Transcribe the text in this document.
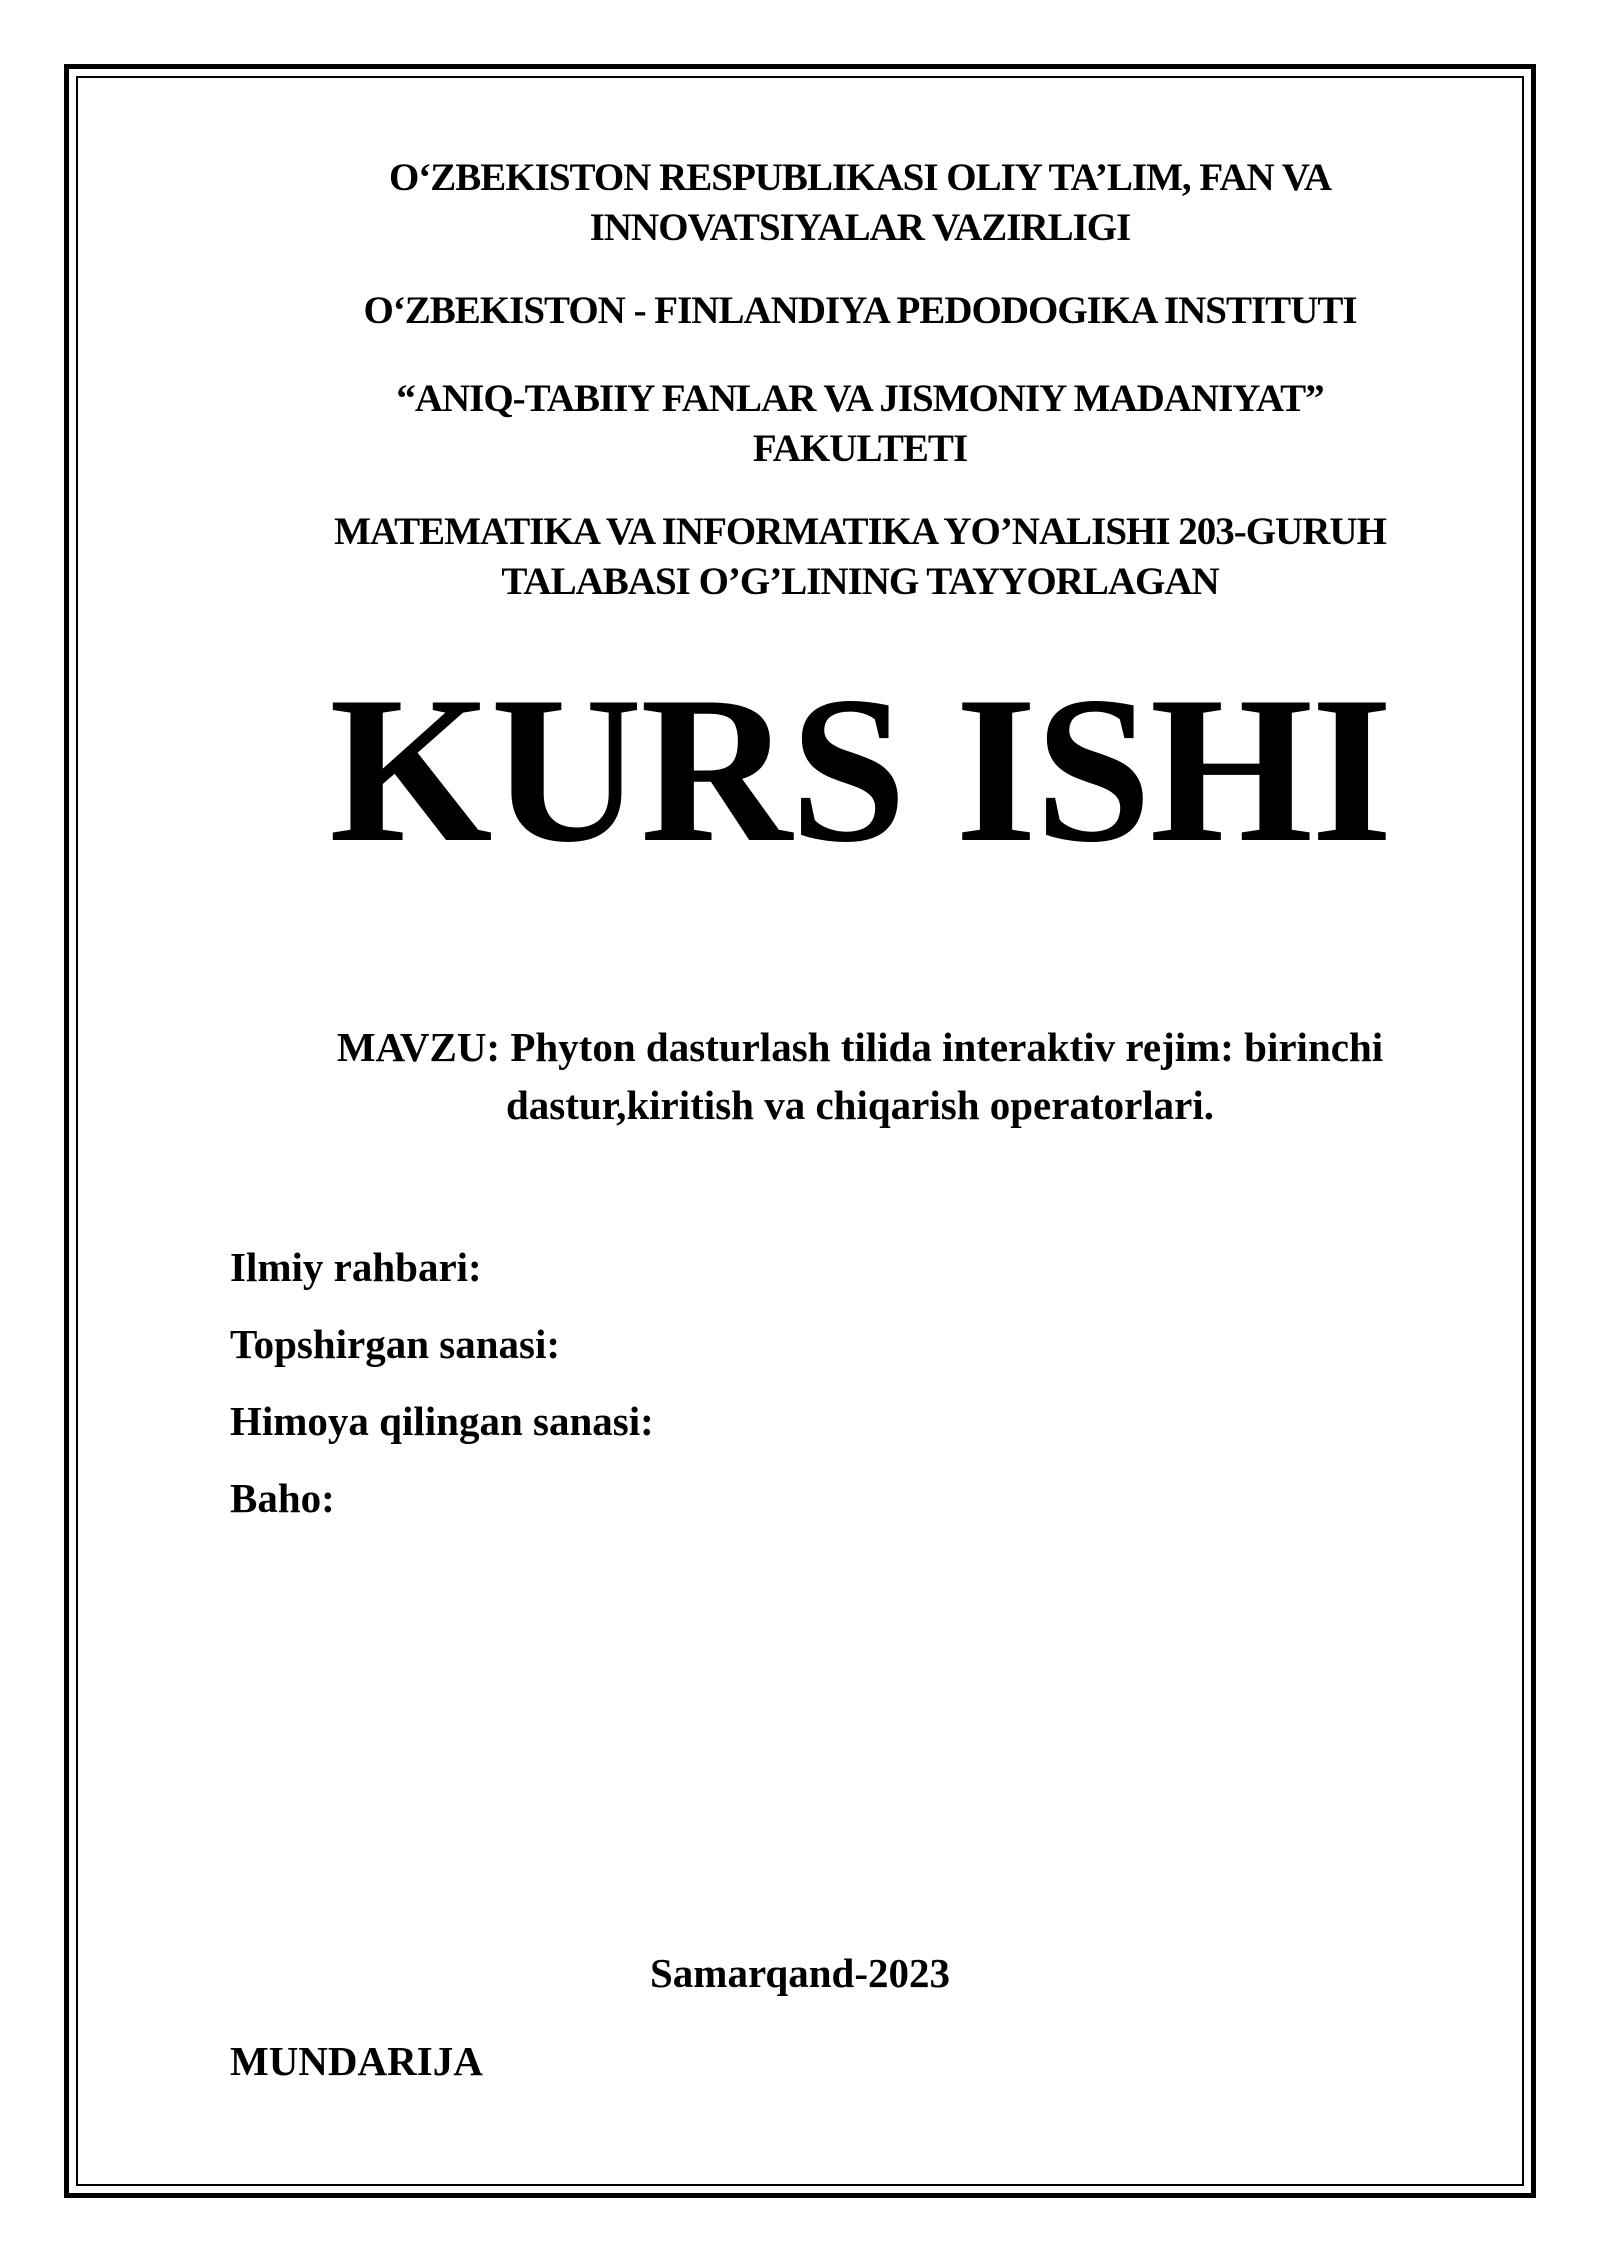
O‘ZBEKISTON RESPUBLIKASI OLIY TA’LIM, FAN VA
INNOVATSIYALAR VAZIRLIGI
O‘ZBEKISTON - FINLANDIYA PEDODOGIKA INSTITUTI
“ANIQ-TABIIY FANLAR VA JISMONIY MADANIYAT”
FAKULTETI
MATEMATIKA VA INFORMATIKA YO’NALISHI 203-GURUH
TALABASI O’G’LINING TAYYORLAGAN
KURS ISHI
MAVZU: Phyton dasturlash tilida interaktiv rejim: birinchi
dastur,kiritish va chiqarish operatorlari.
Ilmiy rahbari:
Topshirgan sanasi:
Himoya qilingan sanasi:
Baho:
Samarqand-2023
MUNDARIJA
